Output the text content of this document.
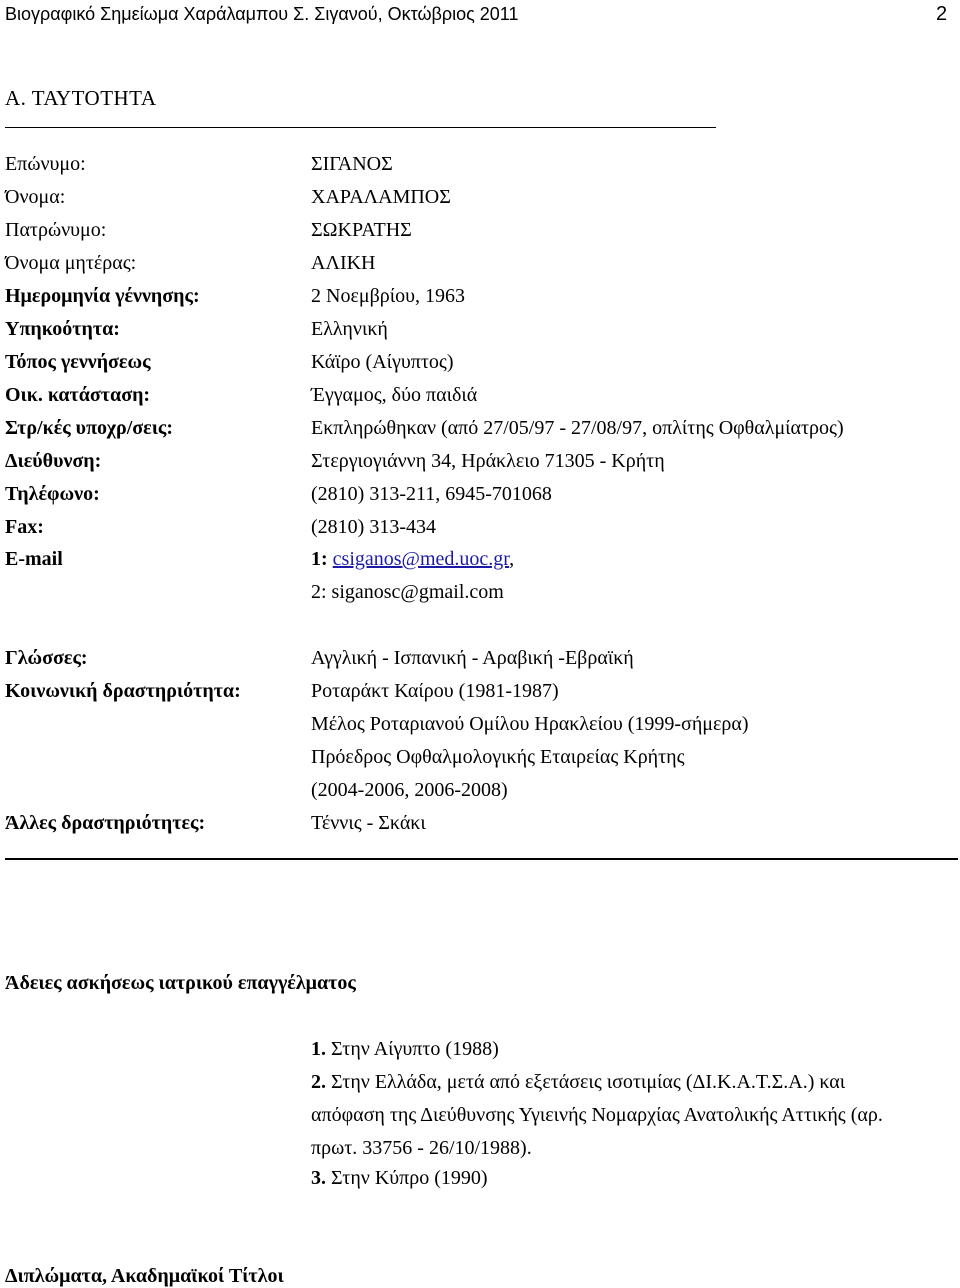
Βιογραφικό Σημείωμα Χαράλαμπου Σ. Σιγανού, Οκτώβριος 2011	2
Α. ΤΑΥΤΟΤΗΤΑ
Επώνυμο:	ΣΙΓΑΝΟΣ
Όνομα:	ΧΑΡΑΛΑΜΠΟΣ
Πατρώνυμο:	ΣΩΚΡΑΤΗΣ
Όνομα μητέρας:	ΑΛΙΚΗ
Ημερομηνία γέννησης:	2 Νοεμβρίου, 1963
Υπηκοότητα:	Ελληνική
Τόπος γεννήσεως	Κάϊρο (Αίγυπτος)
Οικ. κατάσταση:	Έγγαμος, δύο παιδιά
Στρ/κές υποχρ/σεις:	Εκπληρώθηκαν (από 27/05/97 - 27/08/97, οπλίτης Οφθαλμίατρος)
Διεύθυνση:	Στεργιογιάννη 34, Ηράκλειο 71305 - Κρήτη
Τηλέφωνο:	(2810) 313-211, 6945-701068
Fax:	(2810) 313-434
E-mail	1: csiganos@med.uoc.gr,
2: siganosc@gmail.com
Γλώσσες:	Αγγλική - Ισπανική - Αραβική -Εβραϊκή
Κοινωνική δραστηριότητα:	Ροταράκτ Καίρου (1981-1987)
Μέλος Ροταριανού Ομίλου Ηρακλείου (1999-σήμερα)
Πρόεδρος Οφθαλμολογικής Εταιρείας Κρήτης
(2004-2006, 2006-2008)
Άλλες δραστηριότητες:	Τέννις - Σκάκι
Άδειες ασκήσεως ιατρικού επαγγέλματος
1. Στην Αίγυπτο (1988)
2. Στην Ελλάδα, μετά από εξετάσεις ισοτιμίας (ΔΙ.Κ.Α.Τ.Σ.Α.) και
απόφαση της Διεύθυνσης Υγιεινής Νομαρχίας Ανατολικής Αττικής (αρ.
πρωτ. 33756 - 26/10/1988).
3. Στην Κύπρο (1990)
Διπλώματα, Ακαδημαϊκοί Τίτλοι
